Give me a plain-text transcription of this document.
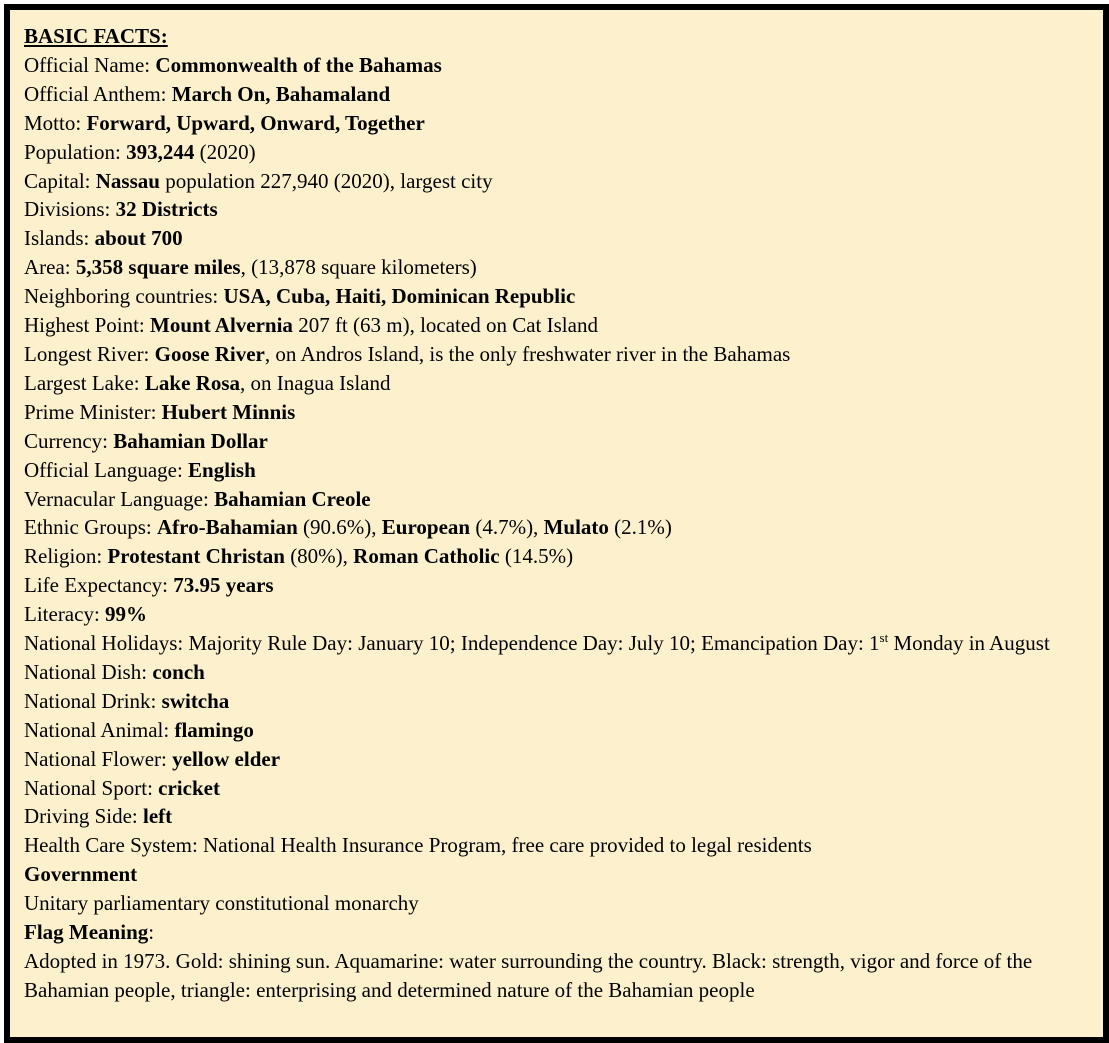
BASIC FACTS:
Official Name: Commonwealth of the Bahamas
Official Anthem: March On, Bahamaland
Motto: Forward, Upward, Onward, Together
Population: 393,244 (2020)
Capital: Nassau population 227,940 (2020), largest city
Divisions: 32 Districts
Islands: about 700
Area: 5,358 square miles, (13,878 square kilometers)
Neighboring countries: USA, Cuba, Haiti, Dominican Republic
Highest Point: Mount Alvernia 207 ft (63 m), located on Cat Island
Longest River: Goose River, on Andros Island, is the only freshwater river in the Bahamas
Largest Lake: Lake Rosa, on Inagua Island
Prime Minister: Hubert Minnis
Currency: Bahamian Dollar
Official Language: English
Vernacular Language: Bahamian Creole
Ethnic Groups: Afro-Bahamian (90.6%), European (4.7%), Mulato (2.1%)
Religion: Protestant Christan (80%), Roman Catholic (14.5%)
Life Expectancy: 73.95 years
Literacy: 99%
National Holidays: Majority Rule Day: January 10; Independence Day: July 10; Emancipation Day: 1st Monday in August
National Dish: conch
National Drink: switcha
National Animal: flamingo
National Flower: yellow elder
National Sport: cricket
Driving Side: left
Health Care System: National Health Insurance Program, free care provided to legal residents
Government
Unitary parliamentary constitutional monarchy
Flag Meaning:
Adopted in 1973. Gold: shining sun. Aquamarine: water surrounding the country. Black: strength, vigor and force of the Bahamian people, triangle: enterprising and determined nature of the Bahamian people
